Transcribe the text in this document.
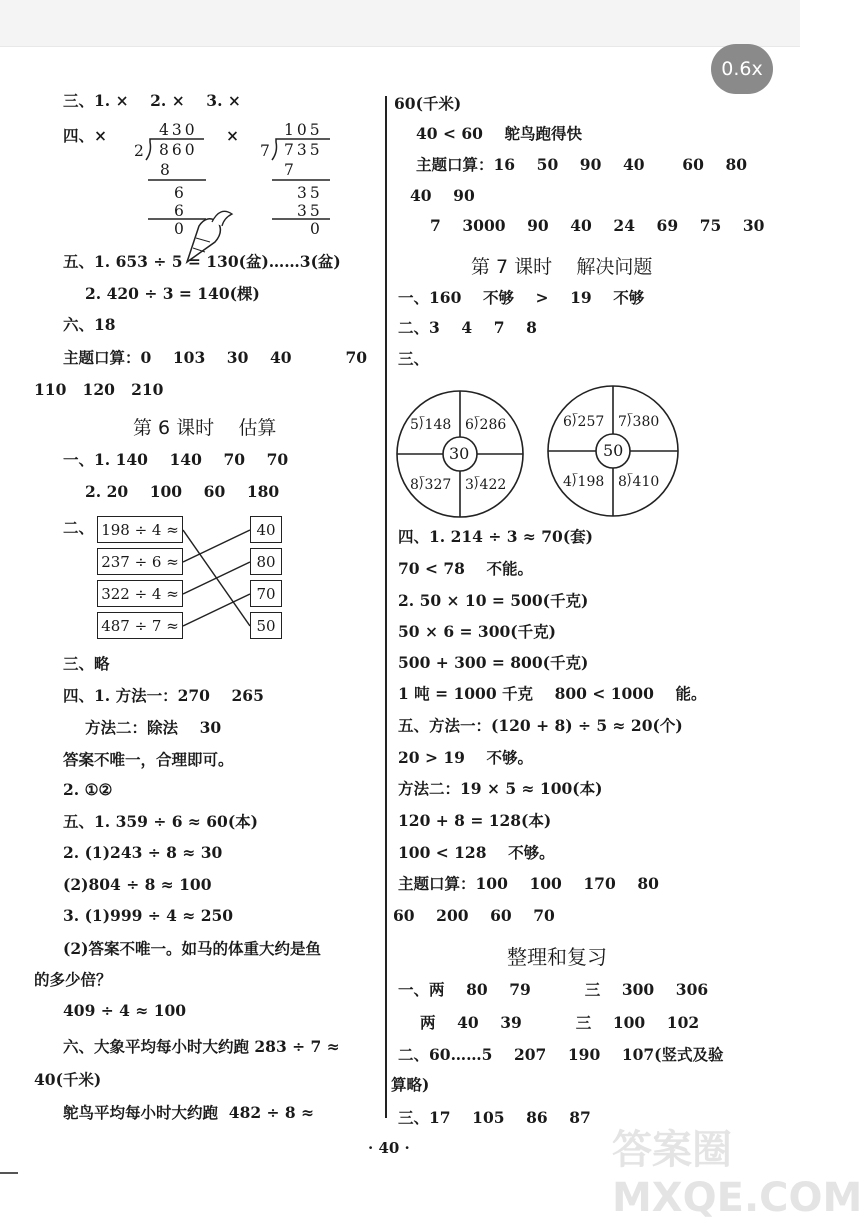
0.6x
三、1. ×    2. ×    3. ×
四、×	×
430
2 860
8
6
6
0
105
7 735
7
35
35
0
五、1. 653 ÷ 5 = 130(盆)……3(盆)
2. 420 ÷ 3 = 140(棵)
六、18
主题口算：0    103    30    40          70
110   120   210
第 6 课时    估算
一、1. 140    140    70    70
2. 20    100    60    180
二、 198 ÷ 4 ≈
237 ÷ 6 ≈
322 ÷ 4 ≈
487 ÷ 7 ≈
40
80
70
50
三、略
四、1. 方法一：270    265
方法二：除法    30
答案不唯一，合理即可。
2. ①②
五、1. 359 ÷ 6 ≈ 60(本)
2. (1)243 ÷ 8 ≈ 30
(2)804 ÷ 8 ≈ 100
3. (1)999 ÷ 4 ≈ 250
(2)答案不唯一。如马的体重大约是鱼
的多少倍？
409 ÷ 4 ≈ 100
六、大象平均每小时大约跑 283 ÷ 7 ≈
40(千米)
鸵鸟平均每小时大约跑  482 ÷ 8 ≈
60(千米)
40 < 60    鸵鸟跑得快
主题口算：16    50    90    40       60    80
40    90
7    3000    90    40    24    69    75    30
第 7 课时    解决问题
一、160    不够    >    19    不够
二、3    4    7    8
三、
30
5⟌148 6⟌286
8⟌327 3⟌422
50
6⟌257 7⟌380
4⟌198 8⟌410
四、1. 214 ÷ 3 ≈ 70(套)
70 < 78    不能。
2. 50 × 10 = 500(千克)
50 × 6 = 300(千克)
500 + 300 = 800(千克)
1 吨 = 1000 千克    800 < 1000    能。
五、方法一：(120 + 8) ÷ 5 ≈ 20(个)
20 > 19    不够。
方法二：19 × 5 ≈ 100(本)
120 + 8 = 128(本)
100 < 128    不够。
主题口算：100    100    170    80
60    200    60    70
整理和复习
一、两    80    79          三    300    306
两    40    39          三    100    102
二、60……5    207    190    107(竖式及验
算略)
三、17    105    86    87
· 40 ·	答案圈 MXQE.COM
